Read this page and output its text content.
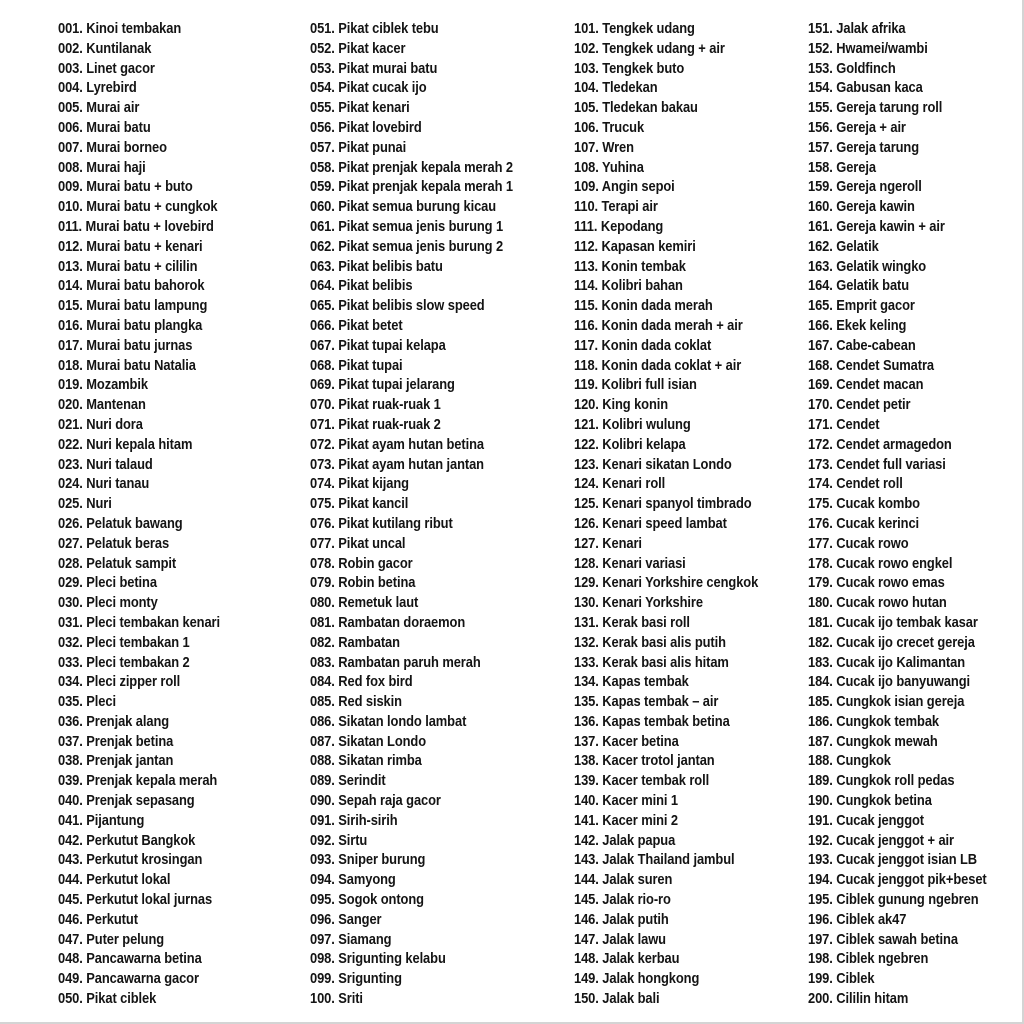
001. Kinoi tembakan
002. Kuntilanak
003. Linet gacor
004. Lyrebird
005. Murai air
006. Murai batu
007. Murai borneo
008. Murai haji
009. Murai batu + buto
010. Murai batu + cungkok
011. Murai batu + lovebird
012. Murai batu + kenari
013. Murai batu + cililin
014. Murai batu bahorok
015. Murai batu lampung
016. Murai batu plangka
017. Murai batu jurnas
018. Murai batu Natalia
019. Mozambik
020. Mantenan
021. Nuri dora
022. Nuri kepala hitam
023. Nuri talaud
024. Nuri tanau
025. Nuri
026. Pelatuk bawang
027. Pelatuk beras
028. Pelatuk sampit
029. Pleci betina
030. Pleci monty
031. Pleci tembakan kenari
032. Pleci tembakan 1
033. Pleci tembakan 2
034. Pleci zipper roll
035. Pleci
036. Prenjak alang
037. Prenjak betina
038. Prenjak jantan
039. Prenjak kepala merah
040. Prenjak sepasang
041. Pijantung
042. Perkutut Bangkok
043. Perkutut krosingan
044. Perkutut lokal
045. Perkutut lokal jurnas
046. Perkutut
047. Puter pelung
048. Pancawarna betina
049. Pancawarna gacor
050. Pikat ciblek
051. Pikat ciblek tebu
052. Pikat kacer
053. Pikat murai batu
054. Pikat cucak ijo
055. Pikat kenari
056. Pikat lovebird
057. Pikat punai
058. Pikat prenjak kepala merah 2
059. Pikat prenjak kepala merah 1
060. Pikat semua burung kicau
061. Pikat semua jenis burung 1
062. Pikat semua jenis burung 2
063. Pikat belibis batu
064. Pikat belibis
065. Pikat belibis slow speed
066. Pikat betet
067. Pikat tupai kelapa
068. Pikat tupai
069. Pikat tupai jelarang
070. Pikat ruak-ruak 1
071. Pikat ruak-ruak 2
072. Pikat ayam hutan betina
073. Pikat ayam hutan jantan
074. Pikat kijang
075. Pikat kancil
076. Pikat kutilang ribut
077. Pikat uncal
078. Robin gacor
079. Robin betina
080. Remetuk laut
081. Rambatan doraemon
082. Rambatan
083. Rambatan paruh merah
084. Red fox bird
085. Red siskin
086. Sikatan londo lambat
087. Sikatan Londo
088. Sikatan rimba
089. Serindit
090. Sepah raja gacor
091. Sirih-sirih
092. Sirtu
093. Sniper burung
094. Samyong
095. Sogok ontong
096. Sanger
097. Siamang
098. Srigunting kelabu
099. Srigunting
100. Sriti
101. Tengkek udang
102. Tengkek udang + air
103. Tengkek buto
104. Tledekan
105. Tledekan bakau
106. Trucuk
107. Wren
108. Yuhina
109. Angin sepoi
110. Terapi air
111. Kepodang
112. Kapasan kemiri
113. Konin tembak
114. Kolibri bahan
115. Konin dada merah
116. Konin dada merah + air
117. Konin dada coklat
118. Konin dada coklat + air
119. Kolibri full isian
120. King konin
121. Kolibri wulung
122. Kolibri kelapa
123. Kenari sikatan Londo
124. Kenari roll
125. Kenari spanyol timbrado
126. Kenari speed lambat
127. Kenari
128. Kenari variasi
129. Kenari Yorkshire cengkok
130. Kenari Yorkshire
131. Kerak basi roll
132. Kerak basi alis putih
133. Kerak basi alis hitam
134. Kapas tembak
135. Kapas tembak – air
136. Kapas tembak betina
137. Kacer betina
138. Kacer trotol jantan
139. Kacer tembak roll
140. Kacer mini 1
141. Kacer mini 2
142. Jalak papua
143. Jalak Thailand jambul
144. Jalak suren
145. Jalak rio-ro
146. Jalak putih
147. Jalak lawu
148. Jalak kerbau
149. Jalak hongkong
150. Jalak bali
151. Jalak afrika
152. Hwamei/wambi
153. Goldfinch
154. Gabusan kaca
155. Gereja tarung roll
156. Gereja + air
157. Gereja tarung
158. Gereja
159. Gereja ngeroll
160. Gereja kawin
161. Gereja kawin + air
162. Gelatik
163. Gelatik wingko
164. Gelatik batu
165. Emprit gacor
166. Ekek keling
167. Cabe-cabean
168. Cendet Sumatra
169. Cendet macan
170. Cendet petir
171. Cendet
172. Cendet armagedon
173. Cendet full variasi
174. Cendet roll
175. Cucak kombo
176. Cucak kerinci
177. Cucak rowo
178. Cucak rowo engkel
179. Cucak rowo emas
180. Cucak rowo hutan
181. Cucak ijo tembak kasar
182. Cucak ijo crecet gereja
183. Cucak ijo Kalimantan
184. Cucak ijo banyuwangi
185. Cungkok isian gereja
186. Cungkok tembak
187. Cungkok mewah
188. Cungkok
189. Cungkok roll pedas
190. Cungkok betina
191. Cucak jenggot
192. Cucak jenggot + air
193. Cucak jenggot isian LB
194. Cucak jenggot pik+beset
195. Ciblek gunung ngebren
196. Ciblek ak47
197. Ciblek sawah betina
198. Ciblek ngebren
199. Ciblek
200. Cililin hitam
